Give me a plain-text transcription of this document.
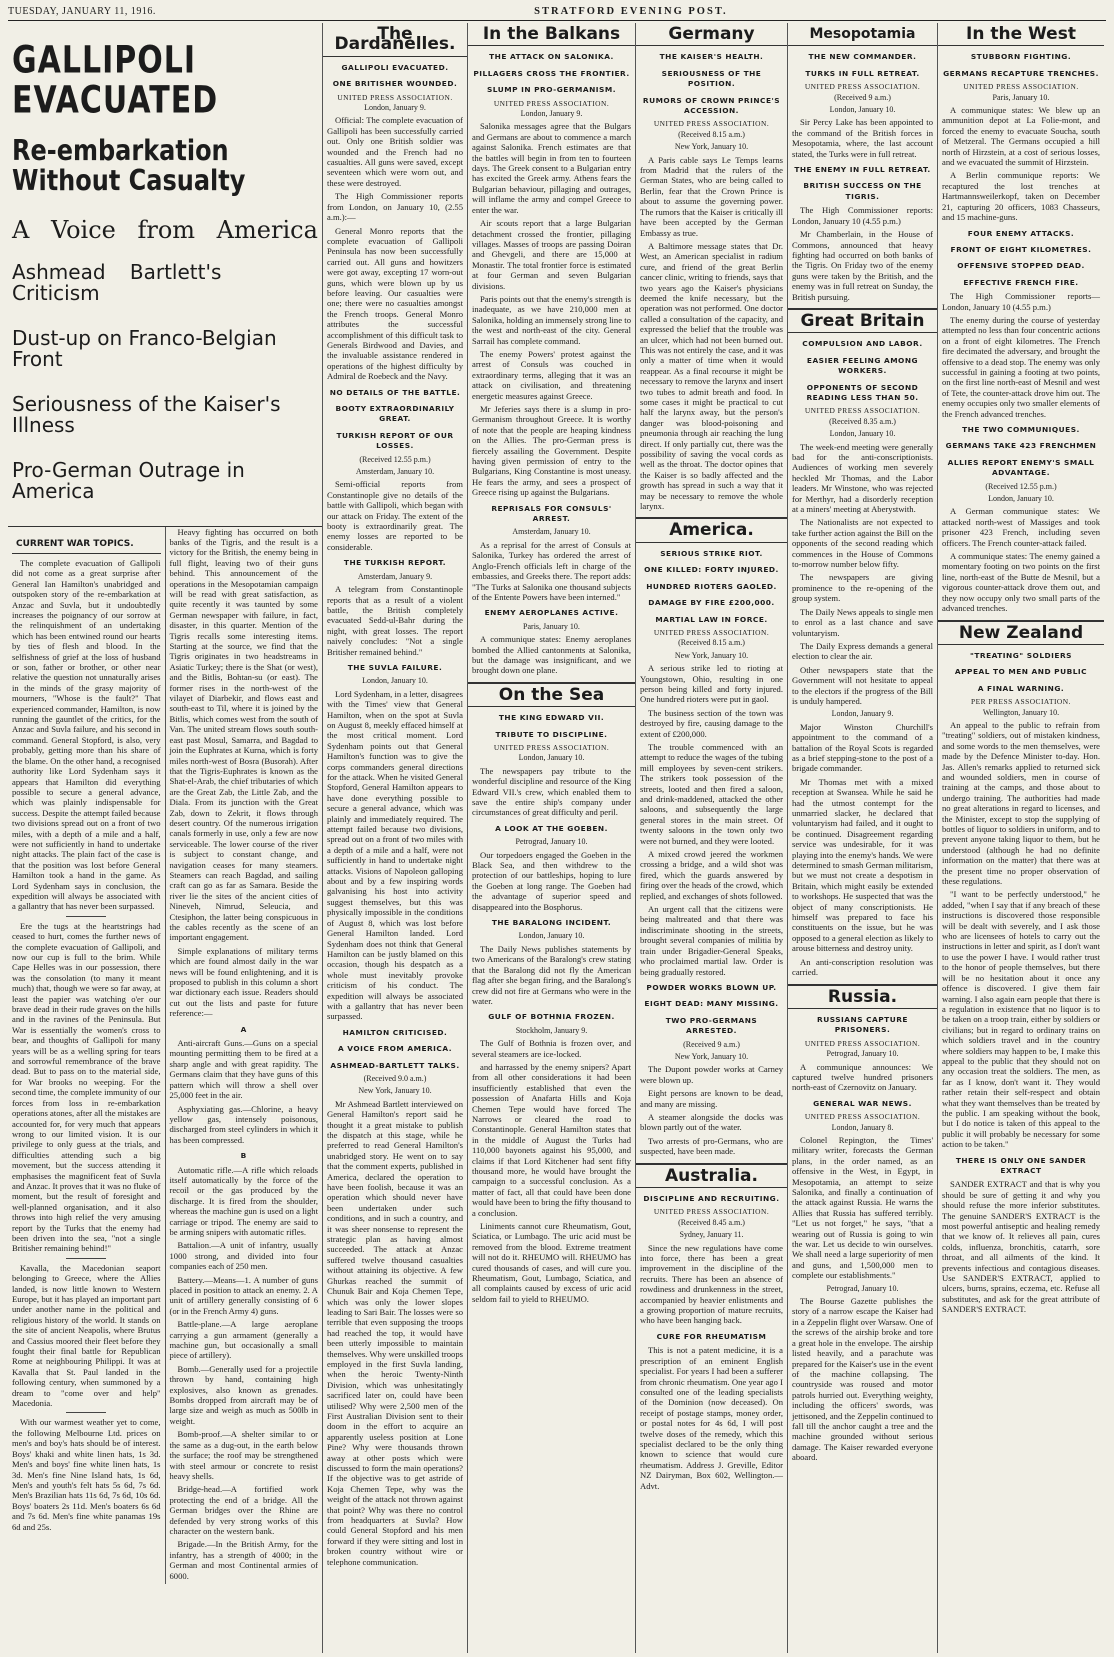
TUESDAY, JANUARY 11, 1916.	STRATFORD EVENING POST.
GALLIPOLI EVACUATED
Re-embarkation Without Casualty
A Voice from America
Ashmead Bartlett's Criticism
Dust-up on Franco-Belgian Front
Seriousness of the Kaiser's Illness
Pro-German Outrage in America
CURRENT WAR TOPICS.

The complete evacuation of Gallipoli did not come as a great surprise after General Ian Hamilton's unabridged and outspoken story of the re-embarkation at Anzac and Suvla, but it undoubtedly increases the poignancy of our sorrow at the relinquishment of an undertaking which has been entwined round our hearts by ties of flesh and blood. In the selfishness of grief at the loss of husband or son, father or brother, or other near relative the question not unnaturally arises in the minds of the grasy majority of mourners, "Whose is the fault?" That experienced commander, Hamilton, is now running the gauntlet of the critics, for the Anzac and Suvla failure, and his second in command. General Stopford, is also, very probably, getting more than his share of the blame. On the other hand, a recognised authority like Lord Sydenham says it appears that Hamilton did everything possible to secure a general advance, which was plainly indispensable for success. Despite the attempt failed because two divisions spread out on a front of two miles, with a depth of a mile and a half, were not sufficiently in hand to undertake night attacks. The plain fact of the case is that the position was lost before General Hamilton took a hand in the game. As Lord Sydenham says in conclusion, the expedition will always be associated with a gallantry that has never been surpassed.

Ere the tugs at the heartstrings had ceased to hurt, comes the further news of the complete evacuation of Gallipoli, and now our cup is full to the brim. While Cape Helles was in our possession, there was the consolation (to many it meant much) that, though we were so far away, at least the papier was watching o'er our brave dead in their rude graves on the hills and in the ravines of the Peninsula. But War is essentially the women's cross to bear, and thoughts of Gallipoli for many years will be as a welling spring for tears and sorrowful remembrance of the brave dead. But to pass on to the material side, for War brooks no weeping. For the second time, the complete immunity of our forces from loss in re-embarkation operations atones, after all the mistakes are accounted for, for very much that appears wrong to our limited vision. It is our privilege to only guess at the trials, and difficulties attending such a big movement, but the success attending it emphasises the magnificent feat of Suvla and Anzac. It proves that it was no fluke of moment, but the result of foresight and well-planned organisation, and it also throws into high relief the very amusing report by the Turks that the enemy had been driven into the sea, "not a single Britisher remaining behind!"

Kavalla, the Macedonian seaport belonging to Greece, where the Allies landed, is now little known to Western Europe, but it has played an important part under another name in the political and religious history of the world. It stands on the site of ancient Neapolis, where Brutus and Cassius moored their fleet before they fought their final battle for Republican Rome at neighbouring Philippi. It was at Kavalla that St. Paul landed in the following century, when summoned by a dream to "come over and help" Macedonia.

With our warmest weather yet to come, the following Melbourne Ltd. prices on men's and boy's hats should be of interest. Boys' khaki and white linen hats, 1s 3d. Men's and boys' fine white linen hats, 1s 3d. Men's fine Nine Island hats, 1s 6d, Men's and youth's felt hats 5s 6d, 7s 6d. Men's Brazilian hats 11s 6d, 7s 6d, 10s 6d. Boys' boaters 2s 11d. Men's boaters 6s 6d and 7s 6d. Men's fine white panamas 19s 6d and 25s.

Heavy fighting has occurred on both banks of the Tigris, and the result is a victory for the British, the enemy being in full flight, leaving two of their guns behind. This announcement of the operations in the Mesopotamian campaign will be read with great satisfaction, as quite recently it was taunted by some German newspaper with failure, in fact, disaster, in this quarter. Mention of the Tigris recalls some interesting items. Starting at the source, we find that the Tigris originates in two headstreams in Asiatic Turkey; there is the Shat (or west), and the Bitlis, Bohtan-su (or east). The former rises in the north-west of the vilayet of Diarbekir, and flows east and south-east to Til, where it is joined by the Bitlis, which comes west from the south of Van. The united stream flows south south-east past Mosul, Samarra, and Bagdad to join the Euphrates at Kurna, which is forty miles north-west of Bosra (Busorah). After that the Tigris-Euphrates is known as the Shat-el-Arab, the chief tributaries of which are the Great Zab, the Little Zab, and the Diala. From its junction with the Great Zab, down to Zekrit, it flows through desert country. Of the numerous irrigation canals formerly in use, only a few are now serviceable. The lower course of the river is subject to constant change, and navigation ceases for many steamers. Steamers can reach Bagdad, and sailing craft can go as far as Samara. Beside the river lie the sites of the ancient cities of Nineveh, Nimrud, Seleucia, and Ctesiphon, the latter being conspicuous in the cables recently as the scene of an important engagement.

Simple explanations of military terms which are found almost daily in the war news will be found enlightening, and it is proposed to publish in this column a short war dictionary each issue. Readers should cut out the lists and paste for future reference:—

A

Anti-aircraft Guns.—Guns on a special mounting permitting them to be fired at a sharp angle and with great rapidity. The Germans claim that they have guns of this pattern which will throw a shell over 25,000 feet in the air.

Asphyxiating gas.—Chlorine, a heavy yellow gas, intensely poisonous, discharged from steel cylinders in which it has been compressed.

B

Automatic rifle.—A rifle which reloads itself automatically by the force of the recoil or the gas produced by the discharge. It is fired from the shoulder, whereas the machine gun is used on a light carriage or tripod. The enemy are said to be arming snipers with automatic rifles.

Battalion.—A unit of infantry, usually 1000 strong, and divided into four companies each of 250 men.

Battery.—Means—1. A number of guns placed in position to attack an enemy. 2. A unit of artillery generally consisting of 6 (or in the French Army 4) guns.

Battle-plane.—A large aeroplane carrying a gun armament (generally a machine gun, but occasionally a small piece of artillery).

Bomb.—Generally used for a projectile thrown by hand, containing high explosives, also known as grenades. Bombs dropped from aircraft may be of large size and weigh as much as 500lb in weight.

Bomb-proof.—A shelter similar to or the same as a dug-out, in the earth below the surface; the roof may be strengthened with steel armour or concrete to resist heavy shells.

Bridge-head.—A fortified work protecting the end of a bridge. All the German bridges over the Rhine are defended by very strong works of this character on the western bank.

Brigade.—In the British Army, for the infantry, has a strength of 4000; in the German and most Continental armies of 6000.

The Dardanelles.
GALLIPOLI EVACUATED.
ONE BRITISHER WOUNDED.
UNITED PRESS ASSOCIATION.
London, January 9.

Official: The complete evacuation of Gallipoli has been successfully carried out. Only one British soldier was wounded and the French had no casualties. All guns were saved, except seventeen which were worn out, and these were destroyed.

The High Commissioner reports from London, on January 10, (2.55 a.m.):—

General Monro reports that the complete evacuation of Gallipoli Peninsula has now been successfully carried out. All guns and howitzers were got away, excepting 17 worn-out guns, which were blown up by us before leaving. Our casualties were one; there were no casualties amongst the French troops. General Monro attributes the successful accomplishment of this difficult task to Generals Birdwood and Davies, and the invaluable assistance rendered in operations of the highest difficulty by Admiral de Roebeck and the Navy.

NO DETAILS OF THE BATTLE.
BOOTY EXTRAORDINARILY GREAT.
TURKISH REPORT OF OUR LOSSES.
(Received 12.55 p.m.)
Amsterdam, January 10.

Semi-official reports from Constantinople give no details of the battle with Gallipoli, which began with our attack on Friday. The extent of the booty is extraordinarily great. The enemy losses are reported to be considerable.

THE TURKISH REPORT.
Amsterdam, January 9.

A telegram from Constantinople reports that as a result of a violent battle, the British completely evacuated Sedd-ul-Bahr during the night, with great losses. The report naively concludes: "Not a single Britisher remained behind."

THE SUVLA FAILURE.
London, January 10.

Lord Sydenham, in a letter, disagrees with the Times' view that General Hamilton, when on the spot at Suvla on August 8, meekly effaced himself at the most critical moment. Lord Sydenham points out that General Hamilton's function was to give the corps commanders general directions for the attack. When he visited General Stopford, General Hamilton appears to have done everything possible to secure a general advance, which was plainly and immediately required. The attempt failed because two divisions, spread out on a front of two miles with a depth of a mile and a half, were not sufficiently in hand to undertake night attacks. Visions of Napoleon galloping about and by a few inspiring words galvanising his host into activity suggest themselves, but this was physically impossible in the conditions of August 8, which was lost before General Hamilton landed. Lord Sydenham does not think that General Hamilton can be justly blamed on this occasion, though his despatch as a whole must inevitably provoke criticism of his conduct. The expedition will always be associated with a gallantry that has never been surpassed.

HAMILTON CRITICISED.
A VOICE FROM AMERICA.
ASHMEAD-BARTLETT TALKS.
(Received 9.0 a.m.)
New York, January 10.

Mr Ashmead Bartlett interviewed on General Hamilton's report said he thought it a great mistake to publish the dispatch at this stage, while he preferred to read General Hamilton's unabridged story. He went on to say that the comment experts, published in America, declared the operation to have been foolish, because it was an operation which should never have been undertaken under such conditions, and in such a country, and it was sheer nonsense to represent the strategic plan as having almost succeeded. The attack at Anzac suffered twelve thousand casualties without attaining its objective. A few Ghurkas reached the summit of Chunuk Bair and Koja Chemen Tepe, which was only the lower slopes leading to Sari Bair. The losses were so terrible that even supposing the troops had reached the top, it would have been utterly impossible to maintain themselves. Why were unskilled troops employed in the first Suvla landing, when the heroic Twenty-Ninth Division, which was unhesitatingly sacrificed later on, could have been utilised? Why were 2,500 men of the First Australian Division sent to their doom in the effort to acquire an apparently useless position at Lone Pine? Why were thousands thrown away at other posts which were discussed to form the main operations? If the objective was to get astride of Koja Chemen Tepe, why was the weight of the attack not thrown against that point? Why was there no control from headquarters at Suvla? How could General Stopford and his men forward if they were sitting and lost in broken country without wire or telephone communication.

In the Balkans
THE ATTACK ON SALONIKA.
PILLAGERS CROSS THE FRONTIER.
SLUMP IN PRO-GERMANISM.
UNITED PRESS ASSOCIATION.
London, January 9.

Salonika messages agree that the Bulgars and Germans are about to commence a march against Salonika. French estimates are that the battles will begin in from ten to fourteen days. The Greek consent to a Bulgarian entry has excited the Greek army. Athens fears the Bulgarian behaviour, pillaging and outrages, will inflame the army and compel Greece to enter the war.

Air scouts report that a large Bulgarian detachment crossed the frontier, pillaging villages. Masses of troops are passing Doiran and Ghevgeli, and there are 15,000 at Monastir. The total frontier force is estimated at four German and seven Bulgarian divisions.

Paris points out that the enemy's strength is inadequate, as we have 210,000 men at Salonika, holding an immensely strong line to the west and north-east of the city. General Sarrail has complete command.

The enemy Powers' protest against the arrest of Consuls was couched in extraordinary terms, alleging that it was an attack on civilisation, and threatening energetic measures against Greece.

Mr Jeferies says there is a slump in pro-Germanism throughout Greece. It is worthy of note that the people are heaping kindness on the Allies. The pro-German press is fiercely assailing the Government. Despite having given permission of entry to the Bulgarians, King Constantine is most uneasy. He fears the army, and sees a prospect of Greece rising up against the Bulgarians.

REPRISALS FOR CONSULS' ARREST.
Amsterdam, January 10.

As a reprisal for the arrest of Consuls at Salonika, Turkey has ordered the arrest of Anglo-French officials left in charge of the embassies, and Greeks there. The report adds: "The Turks at Salonika one thousand subjects of the Entente Powers have been interned."

ENEMY AEROPLANES ACTIVE.
Paris, January 10.

A communique states: Enemy aeroplanes bombed the Allied cantonments at Salonika, but the damage was insignificant, and we brought down one plane.

On the Sea
THE KING EDWARD VII.
TRIBUTE TO DISCIPLINE.
UNITED PRESS ASSOCIATION.
London, January 10.

The newspapers pay tribute to the wonderful discipline and resource of the King Edward VII.'s crew, which enabled them to save the entire ship's company under circumstances of great difficulty and peril.

A LOOK AT THE GOEBEN.
Petrograd, January 10.

Our torpedoers engaged the Goeben in the Black Sea, and then withdrew to the protection of our battleships, hoping to lure the Goeben at long range. The Goeben had the advantage of superior speed and disappeared into the Bosphorus.

THE BARALONG INCIDENT.
London, January 10.

The Daily News publishes statements by two Americans of the Baralong's crew stating that the Baralong did not fly the American flag after she began firing, and the Baralong's crew did not fire at Germans who were in the water.

GULF OF BOTHNIA FROZEN.
Stockholm, January 9.

The Gulf of Bothnia is frozen over, and several steamers are ice-locked.

and harrassed by the enemy snipers? Apart from all other considerations it had been insufficiently established that even the possession of Anafarta Hills and Koja Chemen Tepe would have forced The Narrows or cleared the road to Constantinople. General Hamilton states that in the middle of August the Turks had 110,000 bayonets against his 95,000, and claims if that Lord Kitchener had sent fifty thousand more, he would have brought the campaign to a successful conclusion. As a matter of fact, all that could have been done would have been to bring the fifty thousand to a conclusion.

Liniments cannot cure Rheumatism, Gout, Sciatica, or Lumbago. The uric acid must be removed from the blood. Extreme treatment will not do it. RHEUMO will. RHEUMO has cured thousands of cases, and will cure you. Rheumatism, Gout, Lumbago, Sciatica, and all complaints caused by excess of uric acid seldom fail to yield to RHEUMO.

Germany
THE KAISER'S HEALTH.
SERIOUSNESS OF THE POSITION.
RUMORS OF CROWN PRINCE'S ACCESSION.
UNITED PRESS ASSOCIATION.
(Received 8.15 a.m.)
New York, January 10.

A Paris cable says Le Temps learns from Madrid that the rulers of the German States, who are being called to Berlin, fear that the Crown Prince is about to assume the governing power. The rumors that the Kaiser is critically ill have been accepted by the German Embassy as true.

A Baltimore message states that Dr. West, an American specialist in radium cure, and friend of the great Berlin cancer clinic, writing to friends, says that two years ago the Kaiser's physicians deemed the knife necessary, but the operation was not performed. One doctor called a consultation of the capacity, and expressed the belief that the trouble was an ulcer, which had not been burned out. This was not entirely the case, and it was only a matter of time when it would reappear. As a final recourse it might be necessary to remove the larynx and insert two tubes to admit breath and food. In some cases it might be practical to cut half the larynx away, but the person's danger was blood-poisoning and pneumonia through air reaching the lung direct. If only partially cut, there was the possibility of saving the vocal cords as well as the throat. The doctor opines that the Kaiser is so badly affected and the growth has spread in such a way that it may be necessary to remove the whole larynx.

America.
SERIOUS STRIKE RIOT.
ONE KILLED: FORTY INJURED.
HUNDRED RIOTERS GAOLED.
DAMAGE BY FIRE £200,000.
MARTIAL LAW IN FORCE.
UNITED PRESS ASSOCIATION.
(Received 8.15 a.m.)
New York, January 10.

A serious strike led to rioting at Youngstown, Ohio, resulting in one person being killed and forty injured. One hundred rioters were put in gaol.

The business section of the town was destroyed by fire, causing damage to the extent of £200,000.

The trouble commenced with an attempt to reduce the wages of the tubing mill employees by seven-cent strikers. The strikers took possession of the streets, looted and then fired a saloon, and drink-maddened, attacked the other saloons, and subsequently the large general stores in the main street. Of twenty saloons in the town only two were not burned, and they were looted.

A mixed crowd jeered the workmen crossing a bridge, and a wild shot was fired, which the guards answered by firing over the heads of the crowd, which replied, and exchanges of shots followed.

An urgent call that the citizens were being maltreated and that there was indiscriminate shooting in the streets, brought several companies of militia by train under Brigadier-General Speaks, who proclaimed martial law. Order is being gradually restored.

POWDER WORKS BLOWN UP.
EIGHT DEAD: MANY MISSING.
TWO PRO-GERMANS ARRESTED.
(Received 9 a.m.)
New York, January 10.

The Dupont powder works at Carney were blown up.

Eight persons are known to be dead, and many are missing.

A steamer alongside the docks was blown partly out of the water.

Two arrests of pro-Germans, who are suspected, have been made.

Australia.
DISCIPLINE AND RECRUITING.
UNITED PRESS ASSOCIATION.
(Received 8.45 a.m.)
Sydney, January 11.

Since the new regulations have come into force, there has been a great improvement in the discipline of the recruits. There has been an absence of rowdiness and drunkenness in the street, accompanied by heavier enlistments and a growing proportion of mature recruits, who have been hanging back.

CURE FOR RHEUMATISM

This is not a patent medicine, it is a prescription of an eminent English specialist. For years I had been a sufferer from chronic rheumatism. One year ago I consulted one of the leading specialists of the Dominion (now deceased). On receipt of postage stamps, money order, or postal notes for 4s 6d, I will post twelve doses of the remedy, which this specialist declared to be the only thing known to science that would cure rheumatism. Address J. Greville, Editor NZ Dairyman, Box 602, Wellington.—Advt.

Mesopotamia
THE NEW COMMANDER.
TURKS IN FULL RETREAT.
UNITED PRESS ASSOCIATION.
(Received 9 a.m.)
London, January 10.

Sir Percy Lake has been appointed to the command of the British forces in Mesopotamia, where, the last account stated, the Turks were in full retreat.

THE ENEMY IN FULL RETREAT.
BRITISH SUCCESS ON THE TIGRIS.

The High Commissioner reports: London, January 10 (4.55 p.m.)

Mr Chamberlain, in the House of Commons, announced that heavy fighting had occurred on both banks of the Tigris. On Friday two of the enemy guns were taken by the British, and the enemy was in full retreat on Sunday, the British pursuing.

Great Britain
COMPULSION AND LABOR.
EASIER FEELING AMONG WORKERS.
OPPONENTS OF SECOND READING LESS THAN 50.
UNITED PRESS ASSOCIATION.
(Received 8.35 a.m.)
London, January 10.

The week-end meeting were generally bad for the anti-conscriptionists. Audiences of working men severely heckled Mr Thomas, and the Labor leaders. Mr Winstone, who was rejected for Merthyr, had a disorderly reception at a miners' meeting at Aberystwith.

The Nationalists are not expected to take further action against the Bill on the opponents of the second reading which commences in the House of Commons to-morrow number below fifty.

The newspapers are giving prominence to the re-opening of the group system.

The Daily News appeals to single men to enrol as a last chance and save voluntaryism.

The Daily Express demands a general election to clear the air.

Other newspapers state that the Government will not hesitate to appeal to the electors if the progress of the Bill is unduly hampered.

London, January 9.

Major Winston Churchill's appointment to the command of a battalion of the Royal Scots is regarded as a brief stepping-stone to the post of a brigade commander.

Mr Thomas met with a mixed reception at Swansea. While he said he had the utmost contempt for the unmarried slacker, he declared that voluntaryism had failed, and it ought to be continued. Disagreement regarding service was undesirable, for it was playing into the enemy's hands. We were determined to smash German militarism, but we must not create a despotism in Britain, which might easily be extended to workshops. He suspected that was the object of many conscriptionists. He himself was prepared to face his constituents on the issue, but he was opposed to a general election as likely to arouse bitterness and destroy unity.

An anti-conscription resolution was carried.

Russia.
RUSSIANS CAPTURE PRISONERS.
UNITED PRESS ASSOCIATION.
Petrograd, January 10.

A communique announces: We captured twelve hundred prisoners north-east of Czernovitz on January.

GENERAL WAR NEWS.
UNITED PRESS ASSOCIATION.
London, January 8.

Colonel Repington, the Times' military writer, forecasts the German plans, in the order named, as an offensive in the West, in Egypt, in Mesopotamia, an attempt to seize Salonika, and finally a continuation of the attack against Russia. He warns the Allies that Russia has suffered terribly. "Let us not forget," he says, "that a wearing out of Russia is going to win the war. Let us decide to win ourselves. We shall need a large superiority of men and guns, and 1,500,000 men to complete our establishments."

Petrograd, January 10.

The Bourse Gazette publishes the story of a narrow escape the Kaiser had in a Zeppelin flight over Warsaw. One of the screws of the airship broke and tore a great hole in the envelope. The airship listed heavily, and a parachute was prepared for the Kaiser's use in the event of the machine collapsing. The countryside was roused and motor patrols hurried out. Everything weighty, including the officers' swords, was jettisoned, and the Zeppelin continued to fall till the anchor caught a tree and the machine grounded without serious damage. The Kaiser rewarded everyone aboard.

In the West
STUBBORN FIGHTING.
GERMANS RECAPTURE TRENCHES.
UNITED PRESS ASSOCIATION.
Paris, January 10.

A communique states: We blew up an ammunition depot at La Folie-mont, and forced the enemy to evacuate Soucha, south of Metzeral. The Germans occupied a hill north of Hirzstein, at a cost of serious losses, and we evacuated the summit of Hirzstein.

A Berlin communique reports: We recaptured the lost trenches at Hartmannsweilerkopf, taken on December 21, capturing 20 officers, 1083 Chasseurs, and 15 machine-guns.

FOUR ENEMY ATTACKS.
FRONT OF EIGHT KILOMETRES.
OFFENSIVE STOPPED DEAD.
EFFECTIVE FRENCH FIRE.

The High Commissioner reports— London, January 10 (4.55 p.m.)

The enemy during the course of yesterday attempted no less than four concentric actions on a front of eight kilometres. The French fire decimated the adversary, and brought the offensive to a dead stop. The enemy was only successful in gaining a footing at two points, on the first line north-east of Mesnil and west of Tete, the counter-attack drove him out. The enemy occupies only two smaller elements of the French advanced trenches.

THE TWO COMMUNIQUES.
GERMANS TAKE 423 FRENCHMEN
ALLIES REPORT ENEMY'S SMALL ADVANTAGE.
(Received 12.55 p.m.)
London, January 10.

A German communique states: We attacked north-west of Massiges and took prisoner 423 French, including seven officers. The French counter-attack failed.

A communique states: The enemy gained a momentary footing on two points on the first line, north-east of the Butte de Mesnil, but a vigorous counter-attack drove them out, and they now occupy only two small parts of the advanced trenches.

New Zealand
"TREATING" SOLDIERS
APPEAL TO MEN AND PUBLIC
A FINAL WARNING.
PER PRESS ASSOCIATION.
Wellington, January 10.

An appeal to the public to refrain from "treating" soldiers, out of mistaken kindness, and some words to the men themselves, were made by the Defence Minister to-day. Hon. Jas. Allen's remarks applied to returned sick and wounded soldiers, men in course of training at the camps, and those about to undergo training. The authorities had made no great alterations in regard to licenses, and the Minister, except to stop the supplying of bottles of liquor to soldiers in uniform, and to prevent anyone taking liquor to them, but he understood (although he had no definite information on the matter) that there was at the present time no proper observation of these regulations.

"I want to be perfectly understood," he added, "when I say that if any breach of these instructions is discovered those responsible will be dealt with severely, and I ask those who are licensees of hotels to carry out the instructions in letter and spirit, as I don't want to use the power I have. I would rather trust to the honor of people themselves, but there will be no hesitation about it once any offence is discovered. I give them fair warning. I also again earn people that there is a regulation in existence that no liquor is to be taken on a troop train, either by soldiers or civilians; but in regard to ordinary trains on which soldiers travel and in the country where soldiers may happen to be, I make this appeal to the public that they should not on any occasion treat the soldiers. The men, as far as I know, don't want it. They would rather retain their self-respect and obtain what they want themselves than be treated by the public. I am speaking without the book, but I do notice is taken of this appeal to the public it will probably be necessary for some action to be taken."

THERE IS ONLY ONE SANDER EXTRACT

SANDER EXTRACT and that is why you should be sure of getting it and why you should refuse the more inferior substitutes. The genuine SANDER'S EXTRACT is the most powerful antiseptic and healing remedy that we know of. It relieves all pain, cures colds, influenza, bronchitis, catarrh, sore throat, and all ailments of the kind. It prevents infectious and contagious diseases. Use SANDER'S EXTRACT, applied to ulcers, burns, sprains, eczema, etc. Refuse all substitutes, and ask for the great attribute of SANDER'S EXTRACT.
